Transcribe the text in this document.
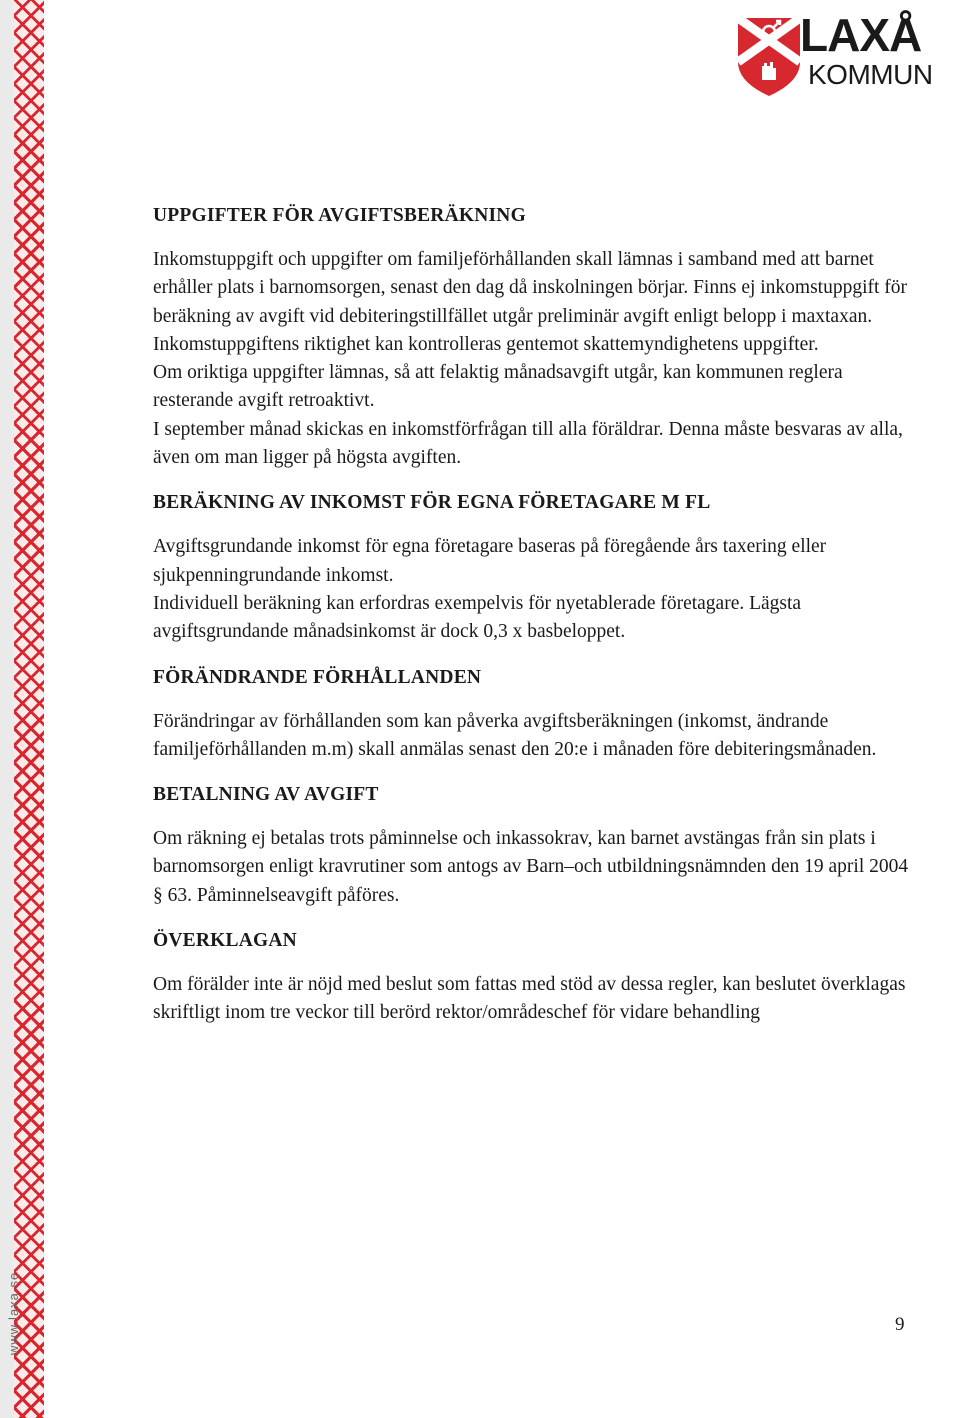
www.laxa.se
LAXÅ
KOMMUN
UPPGIFTER FÖR AVGIFTSBERÄKNING

Inkomstuppgift och uppgifter om familjeförhållanden skall lämnas i samband med att barnet erhåller plats i barnomsorgen, senast den dag då inskolningen börjar. Finns ej inkomstuppgift för beräkning av avgift vid debiteringstillfället utgår preliminär avgift enligt belopp i maxtaxan.

Inkomstuppgiftens riktighet kan kontrolleras gentemot skattemyndighetens uppgifter.

Om oriktiga uppgifter lämnas, så att felaktig månadsavgift utgår, kan kommunen reglera resterande avgift retroaktivt.

I september månad skickas en inkomstförfrågan till alla föräldrar. Denna måste besvaras av alla, även om man ligger på högsta avgiften.

BERÄKNING AV INKOMST FÖR EGNA FÖRETAGARE M FL

Avgiftsgrundande inkomst för egna företagare baseras på föregående års taxering eller sjukpenningrundande inkomst.

Individuell beräkning kan erfordras exempelvis för nyetablerade företagare. Lägsta avgiftsgrundande månadsinkomst är dock 0,3 x basbeloppet.

FÖRÄNDRANDE FÖRHÅLLANDEN

Förändringar av förhållanden som kan påverka avgiftsberäkningen (inkomst, ändrande familjeförhållanden m.m) skall anmälas senast den 20:e i månaden före debiteringsmånaden.

BETALNING AV AVGIFT

Om räkning ej betalas trots påminnelse och inkassokrav, kan barnet avstängas från sin plats i barnomsorgen enligt kravrutiner som antogs av Barn–och utbildningsnämnden den 19 april 2004 § 63. Påminnelseavgift påföres.

ÖVERKLAGAN

Om förälder inte är nöjd med beslut som fattas med stöd av dessa regler, kan beslutet överklagas skriftligt inom tre veckor till berörd rektor/områdeschef för vidare behandling

9
